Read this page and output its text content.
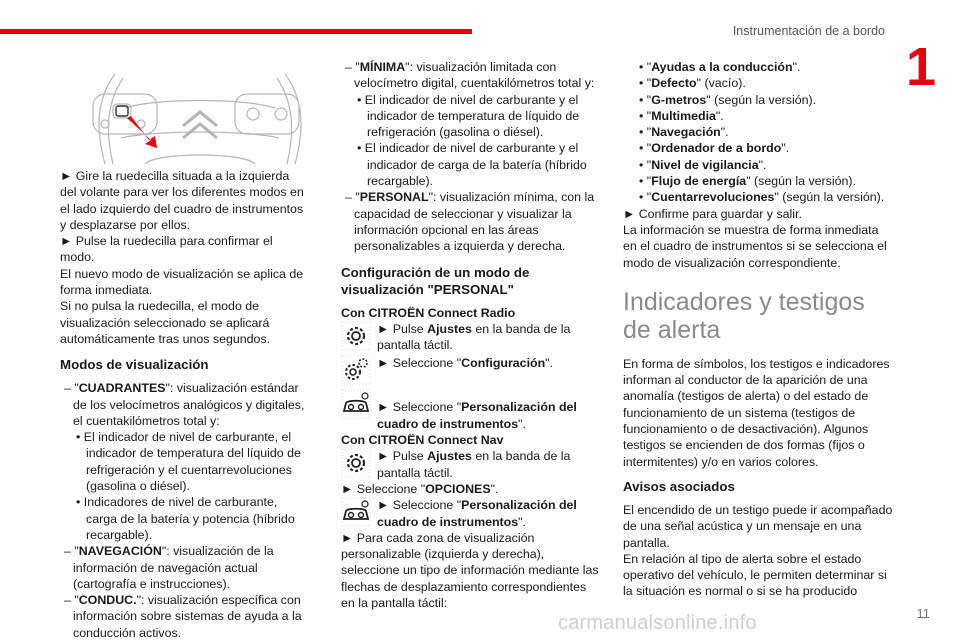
Instrumentación de a bordo
1

► Gire la ruedecilla situada a la izquierda del volante para ver los diferentes modos en el lado izquierdo del cuadro de instrumentos y desplazarse por ellos.

► Pulse la ruedecilla para confirmar el modo.

El nuevo modo de visualización se aplica de forma inmediata.

Si no pulsa la ruedecilla, el modo de visualización seleccionado se aplicará automáticamente tras unos segundos.

Modos de visualización

– "CUADRANTES": visualización estándar de los velocímetros analógicos y digitales, el cuentakilómetros total y:

• El indicador de nivel de carburante, el indicador de temperatura del líquido de refrigeración y el cuentarrevoluciones (gasolina o diésel).

• Indicadores de nivel de carburante, carga de la batería y potencia (híbrido recargable).

– "NAVEGACIÓN": visualización de la información de navegación actual (cartografía e instrucciones).

– "CONDUC.": visualización específica con información sobre sistemas de ayuda a la conducción activos.

– "MÍNIMA": visualización limitada con velocímetro digital, cuentakilómetros total y:

• El indicador de nivel de carburante y el indicador de temperatura de líquido de refrigeración (gasolina o diésel).

• El indicador de nivel de carburante y el indicador de carga de la batería (híbrido recargable).

– "PERSONAL": visualización mínima, con la capacidad de seleccionar y visualizar la información opcional en las áreas personalizables a izquierda y derecha.

Configuración de un modo de visualización "PERSONAL"

Con CITROËN Connect Radio

► Pulse Ajustes en la banda de la pantalla táctil.

► Seleccione "Configuración".

► Seleccione "Personalización del cuadro de instrumentos".

Con CITROËN Connect Nav

► Pulse Ajustes en la banda de la pantalla táctil.

► Seleccione "OPCIONES".

► Seleccione "Personalización del cuadro de instrumentos".

► Para cada zona de visualización personalizable (izquierda y derecha), seleccione un tipo de información mediante las flechas de desplazamiento correspondientes en la pantalla táctil:

• "Ayudas a la conducción".

• "Defecto" (vacío).

• "G-metros" (según la versión).

• "Multimedia".

• "Navegación".

• "Ordenador de a bordo".

• "Nivel de vigilancia".

• "Flujo de energía" (según la versión).

• "Cuentarrevoluciones" (según la versión).

► Confirme para guardar y salir.

La información se muestra de forma inmediata en el cuadro de instrumentos si se selecciona el modo de visualización correspondiente.

Indicadores y testigos de alerta

En forma de símbolos, los testigos e indicadores informan al conductor de la aparición de una anomalía (testigos de alerta) o del estado de funcionamiento de un sistema (testigos de funcionamiento o de desactivación). Algunos testigos se encienden de dos formas (fijos o intermitentes) y/o en varios colores.

Avisos asociados

El encendido de un testigo puede ir acompañado de una señal acústica y un mensaje en una pantalla.

En relación al tipo de alerta sobre el estado operativo del vehículo, le permiten determinar si la situación es normal o si se ha producido

carmanualsonline.info	11
